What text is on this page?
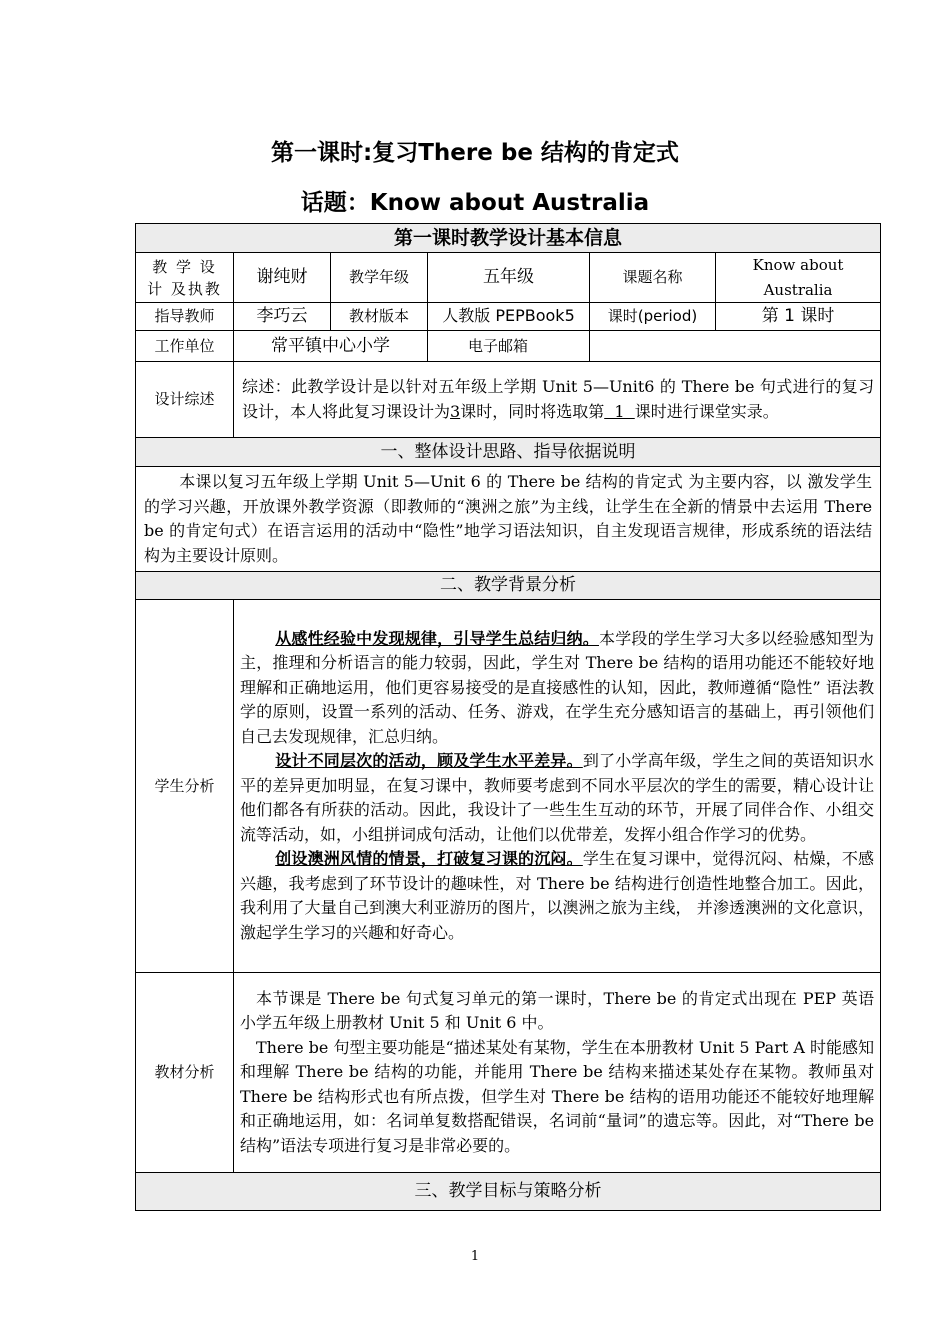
第一课时:复习There be 结构的肯定式
话题：Know about Australia
第一课时教学设计基本信息					
教 学 设 计 及执教	谢纯财	教学年级	五年级	课题名称	Know about Australia
指导教师	李巧云	教材版本	人教版 PEPBook5	课时(period)	第 1 课时
工作单位	常平镇中心小学		电子邮箱		
设计综述	综述：此教学设计是以针对五年级上学期 Unit 5—Unit6 的 There be 句式进行的复习设计，本人将此复习课设计为3课时，同时将选取第  1  课时进行课堂实录。				
一、整体设计思路、指导依据说明					

本课以复习五年级上学期 Unit 5—Unit 6 的 There be 结构的肯定式 为主要内容，以 激发学生的学习兴趣，开放课外教学资源（即教师的“澳洲之旅”为主线，让学生在全新的情景中去运用 There be 的肯定句式）在语言运用的活动中“隐性”地学习语法知识，自主发现语言规律，形成系统的语法结构为主要设计原则。					

二、教学背景分析					
学生分析	从感性经验中发现规律，引导学生总结归纳。本学段的学生学习大多以经验感知型为主，推理和分析语言的能力较弱，因此，学生对 There be 结构的语用功能还不能较好地理解和正确地运用，他们更容易接受的是直接感性的认知，因此，教师遵循“隐性” 语法教学的原则，设置一系列的活动、任务、游戏，在学生充分感知语言的基础上，再引领他们自己去发现规律，汇总归纳。

设计不同层次的活动，顾及学生水平差异。到了小学高年级，学生之间的英语知识水平的差异更加明显，在复习课中，教师要考虑到不同水平层次的学生的需要，精心设计让他们都各有所获的活动。因此，我设计了一些生生互动的环节，开展了同伴合作、小组交流等活动，如，小组拼词成句活动，让他们以优带差，发挥小组合作学习的优势。

创设澳洲风情的情景，打破复习课的沉闷。学生在复习课中，觉得沉闷、枯燥，不感兴趣，我考虑到了环节设计的趣味性，对 There be 结构进行创造性地整合加工。因此，我利用了大量自己到澳大利亚游历的图片，以澳洲之旅为主线， 并渗透澳洲的文化意识， 激起学生学习的兴趣和好奇心。				

教材分析	本节课是 There be 句式复习单元的第一课时，There be 的肯定式出现在 PEP 英语小学五年级上册教材 Unit 5 和 Unit 6 中。

There be 句型主要功能是“描述某处有某物，学生在本册教材 Unit 5 Part A 时能感知和理解 There be 结构的功能，并能用 There be 结构来描述某处存在某物。教师虽对 There be 结构形式也有所点拨，但学生对 There be 结构的语用功能还不能较好地理解和正确地运用，如：名词单复数搭配错误，名词前“量词”的遗忘等。因此，对“There be 结构”语法专项进行复习是非常必要的。				

三、教学目标与策略分析					
1
